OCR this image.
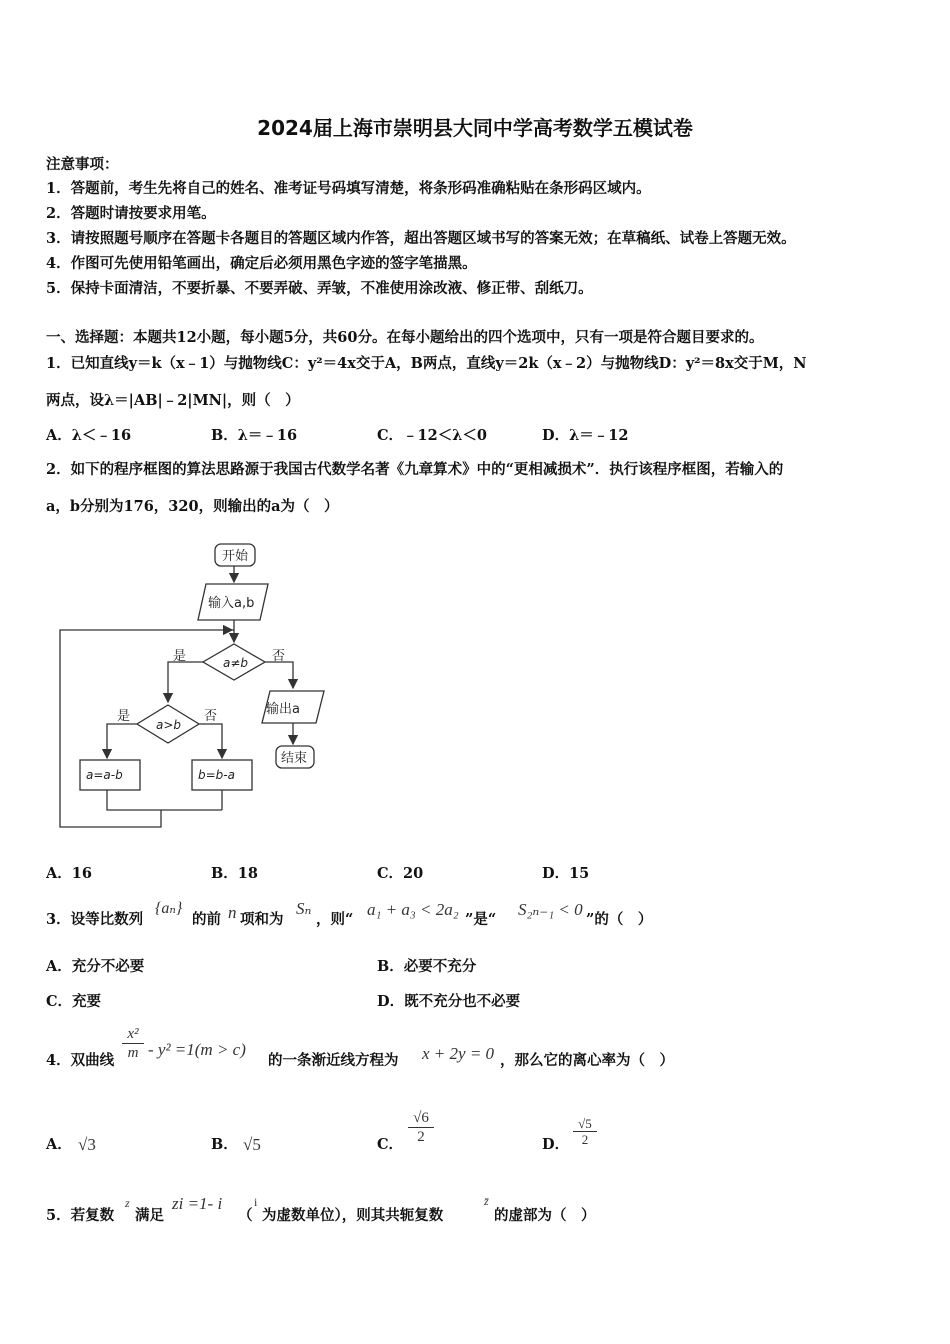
2024届上海市崇明县大同中学高考数学五模试卷
注意事项：
1．答题前，考生先将自己的姓名、准考证号码填写清楚，将条形码准确粘贴在条形码区域内。
2．答题时请按要求用笔。
3．请按照题号顺序在答题卡各题目的答题区域内作答，超出答题区域书写的答案无效；在草稿纸、试卷上答题无效。
4．作图可先使用铅笔画出，确定后必须用黑色字迹的签字笔描黑。
5．保持卡面清洁，不要折暴、不要弄破、弄皱，不准使用涂改液、修正带、刮纸刀。
一、选择题：本题共12小题，每小题5分，共60分。在每小题给出的四个选项中，只有一项是符合题目要求的。
1．已知直线y＝k（x﹣1）与抛物线C：y²＝4x交于A，B两点，直线y＝2k（x﹣2）与抛物线D：y²＝8x交于M，N
两点，设λ＝|AB|﹣2|MN|，则（　）
A．λ＜﹣16	B．λ＝﹣16	C．﹣12＜λ＜0	D．λ＝﹣12
2．如下的程序框图的算法思路源于我国古代数学名著《九章算术》中的“更相减损术”．执行该程序框图，若输入的
a，b分别为176，320，则输出的a为（　）
开始
输入a,b
a≠b
是	否
输出a
结束
a>b
是	否
a=a-b	b=b-a
A．16	B．18	C．20	D．15
3．设等比数列
{aₙ}
的前 n 项和为
Sₙ
，则“
a₁ + a₃ < 2a₂
”是“
S₂ₙ₋₁ < 0
”的（　）
A．充分不必要	B．必要不充分
C．充要	D．既不充分也不必要
4．双曲线
x²
m - y² =1(m > c)
的一条渐近线方程为 x + 2y = 0 ，那么它的离心率为（　）
A． √3	B． √5	C．
√6
2	D．
√5
2
5．若复数
z
满足
zi =1- i
（
i
为虚数单位），则其共轭复数
z̄
的虚部为（　）
